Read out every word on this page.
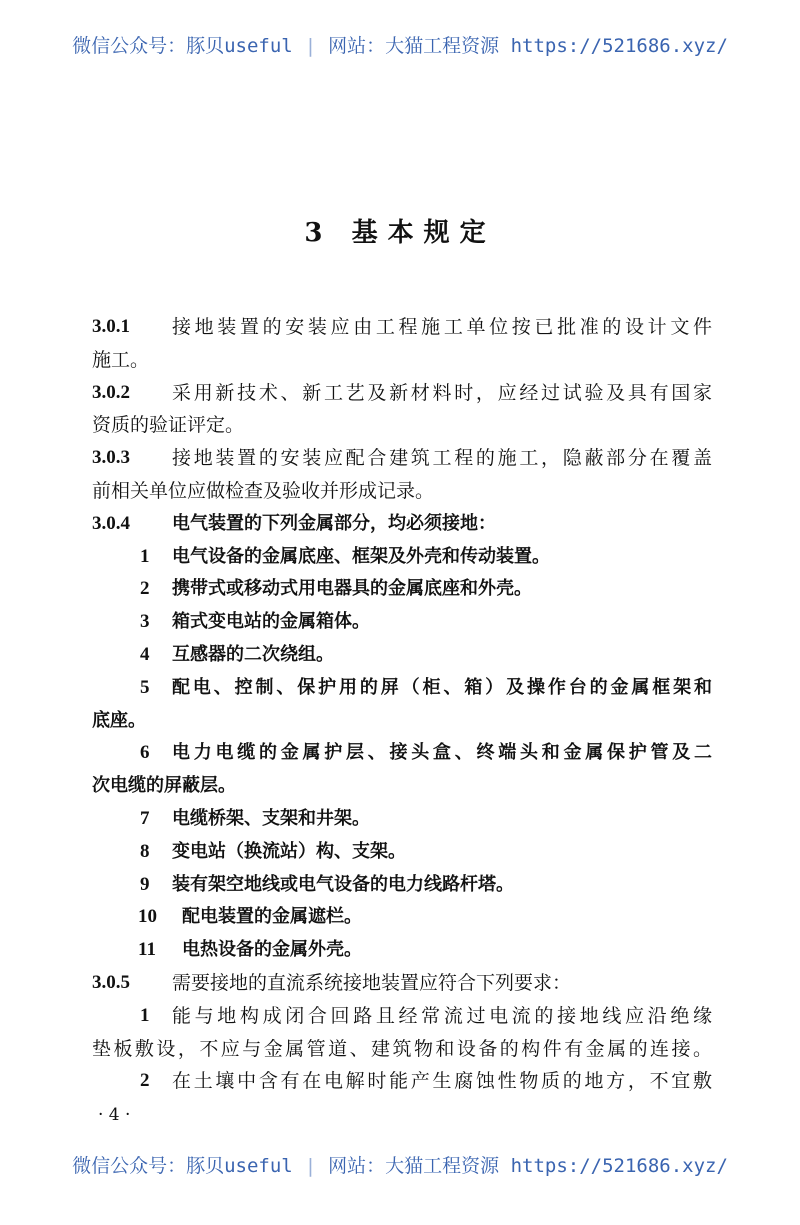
微信公众号：豚贝useful | 网站：大猫工程资源 https://521686.xyz/
3 基本规定
3.0.1 接地装置的安装应由工程施工单位按已批准的设计文件
施工。
3.0.2 采用新技术、新工艺及新材料时，应经过试验及具有国家
资质的验证评定。
3.0.3 接地装置的安装应配合建筑工程的施工，隐蔽部分在覆盖
前相关单位应做检查及验收并形成记录。
3.0.4 电气装置的下列金属部分，均必须接地：
1 电气设备的金属底座、框架及外壳和传动装置。
2 携带式或移动式用电器具的金属底座和外壳。
3 箱式变电站的金属箱体。
4 互感器的二次绕组。
5 配电、控制、保护用的屏（柜、箱）及操作台的金属框架和
底座。
6 电力电缆的金属护层、接头盒、终端头和金属保护管及二
次电缆的屏蔽层。
7 电缆桥架、支架和井架。
8 变电站（换流站）构、支架。
9 装有架空地线或电气设备的电力线路杆塔。
10 配电装置的金属遮栏。
11 电热设备的金属外壳。
3.0.5 需要接地的直流系统接地装置应符合下列要求：
1 能与地构成闭合回路且经常流过电流的接地线应沿绝缘
垫板敷设，不应与金属管道、建筑物和设备的构件有金属的连接。
2 在土壤中含有在电解时能产生腐蚀性物质的地方，不宜敷
· 4 ·
微信公众号：豚贝useful | 网站：大猫工程资源 https://521686.xyz/
